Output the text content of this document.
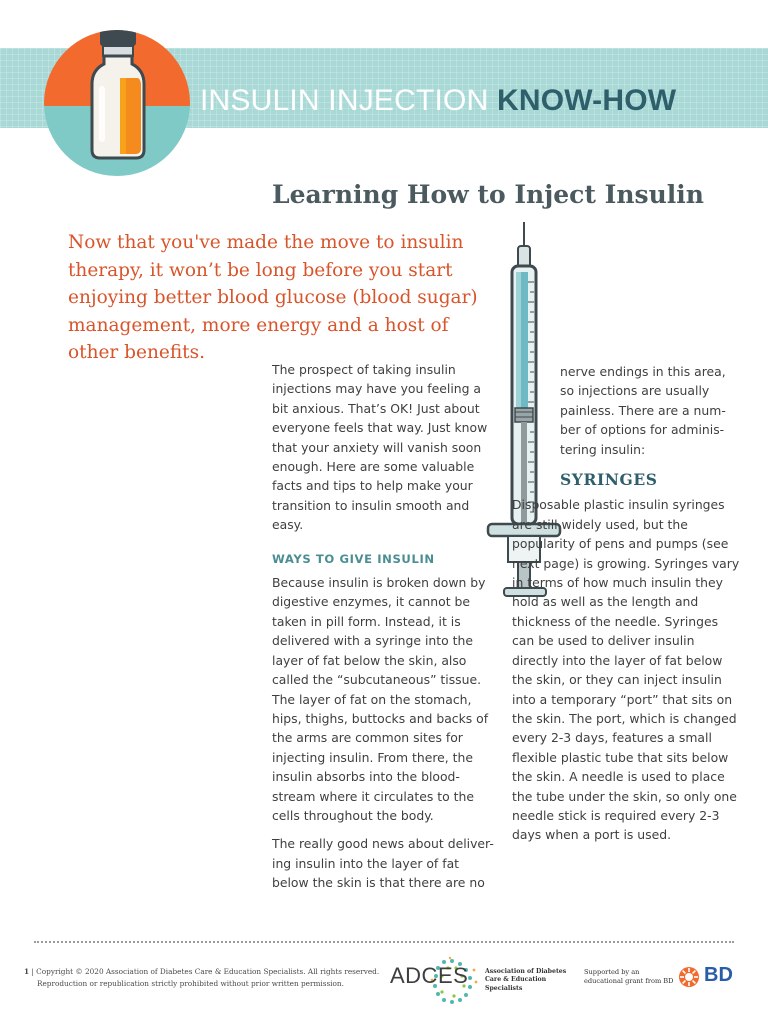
INSULIN INJECTION KNOW-HOW
Learning How to Inject Insulin
Now that you've made the move to insulin therapy, it won’t be long before you start enjoying better blood glucose (blood sugar) management, more energy and a host of other benefits.

The prospect of taking insulin injections may have you feeling a bit anxious. That’s OK! Just about everyone feels that way. Just know that your anxiety will vanish soon enough. Here are some valuable facts and tips to help make your transition to insulin smooth and easy.

WAYS TO GIVE INSULIN

Because insulin is broken down by digestive enzymes, it cannot be taken in pill form. Instead, it is delivered with a syringe into the layer of fat below the skin, also called the “subcutaneous” tissue. The layer of fat on the stomach, hips, thighs, buttocks and backs of the arms are common sites for injecting insulin. From there, the insulin absorbs into the blood-stream where it circulates to the cells throughout the body.

The really good news about deliver-ing insulin into the layer of fat below the skin is that there are no

nerve endings in this area, so injections are usually painless. There are a num-ber of options for adminis-tering insulin:

SYRINGES

Disposable plastic insulin syringes are still widely used, but the popularity of pens and pumps (see next page) is growing. Syringes vary in terms of how much insulin they hold as well as the length and thickness of the needle. Syringes can be used to deliver insulin directly into the layer of fat below the skin, or they can inject insulin into a temporary “port” that sits on the skin. The port, which is changed every 2-3 days, features a small flexible plastic tube that sits below the skin. A needle is used to place the tube under the skin, so only one needle stick is required every 2-3 days when a port is used.

1 | Copyright © 2020 Association of Diabetes Care & Education Specialists. All rights reserved.
Reproduction or republication strictly prohibited without prior written permission.	ADCES	Association of Diabetes Care & Education Specialists
Supported by an educational grant from BD BD
